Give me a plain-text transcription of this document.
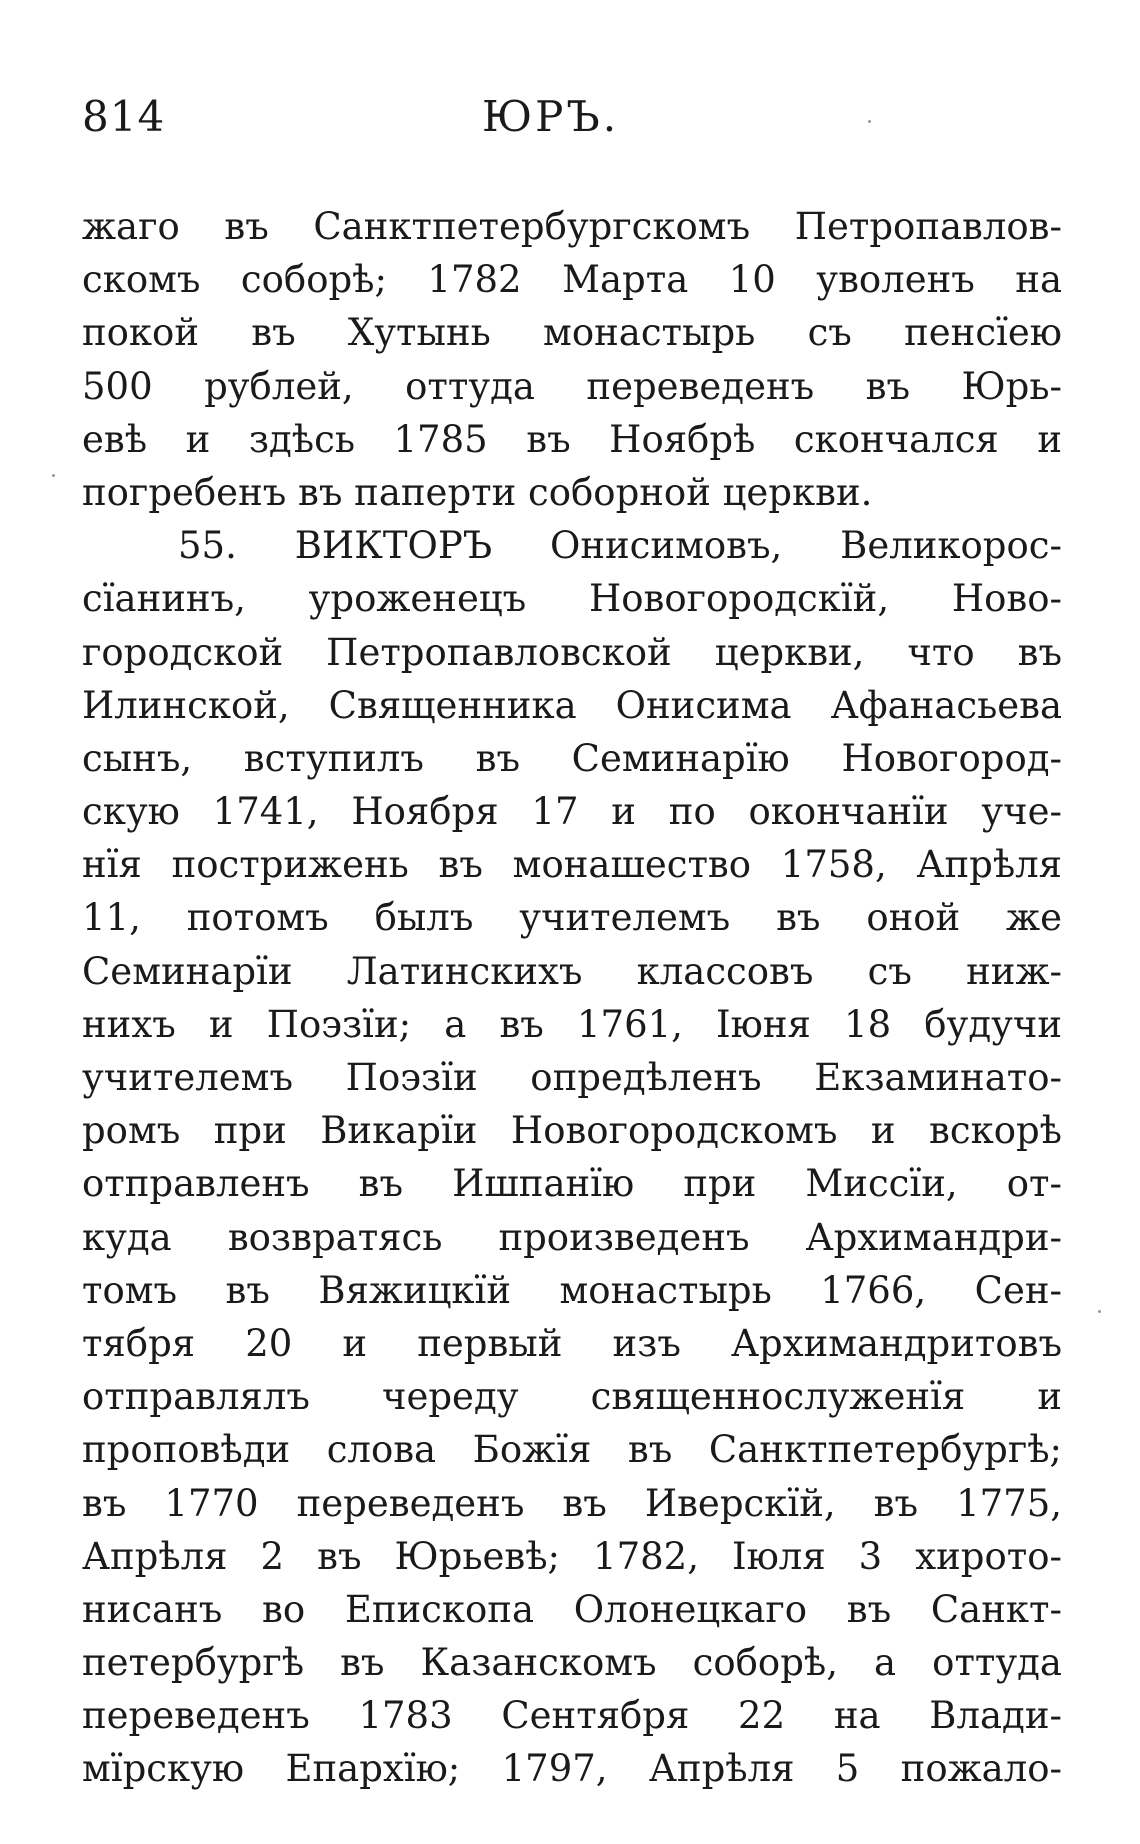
814	ЮРЪ.
жаго въ Санктпетербургскомъ Петропавлов-
скомъ соборѣ; 1782 Марта 10 уволенъ на
покой въ Хутынь монастырь съ пенсїею
500 рублей, оттуда переведенъ въ Юрь-
евѣ и здѣсь 1785 въ Ноябрѣ скончался и
погребенъ въ паперти соборной церкви.
55. ВИКТОРЪ Онисимовъ, Великорос-
сїанинъ, уроженецъ Новогородскїй, Ново-
городской Петропавловской церкви, что въ
Илинской, Священника Онисима Афанасьева
сынъ, вступилъ въ Семинарїю Новогород-
скую 1741, Ноября 17 и по окончанїи уче-
нїя пострижень въ монашество 1758, Апрѣля
11, потомъ былъ учителемъ въ оной же
Семинарїи Латинскихъ классовъ съ ниж-
нихъ и Поэзїи; а въ 1761, Іюня 18 будучи
учителемъ Поэзїи опредѣленъ Екзаминато-
ромъ при Викарїи Новогородскомъ и вскорѣ
отправленъ въ Ишпанїю при Миссїи, от-
куда возвратясь произведенъ Архимандри-
томъ въ Вяжицкїй монастырь 1766, Сен-
тября 20 и первый изъ Архимандритовъ
отправлялъ череду священнослуженїя и
проповѣди слова Божїя въ Санктпетербургѣ;
въ 1770 переведенъ въ Иверскїй, въ 1775,
Апрѣля 2 въ Юрьевѣ; 1782, Іюля 3 хирото-
нисанъ во Епископа Олонецкаго въ Санкт-
петербургѣ въ Казанскомъ соборѣ, а оттуда
переведенъ 1783 Сентября 22 на Влади-
мїрскую Епархїю; 1797, Апрѣля 5 пожало-
